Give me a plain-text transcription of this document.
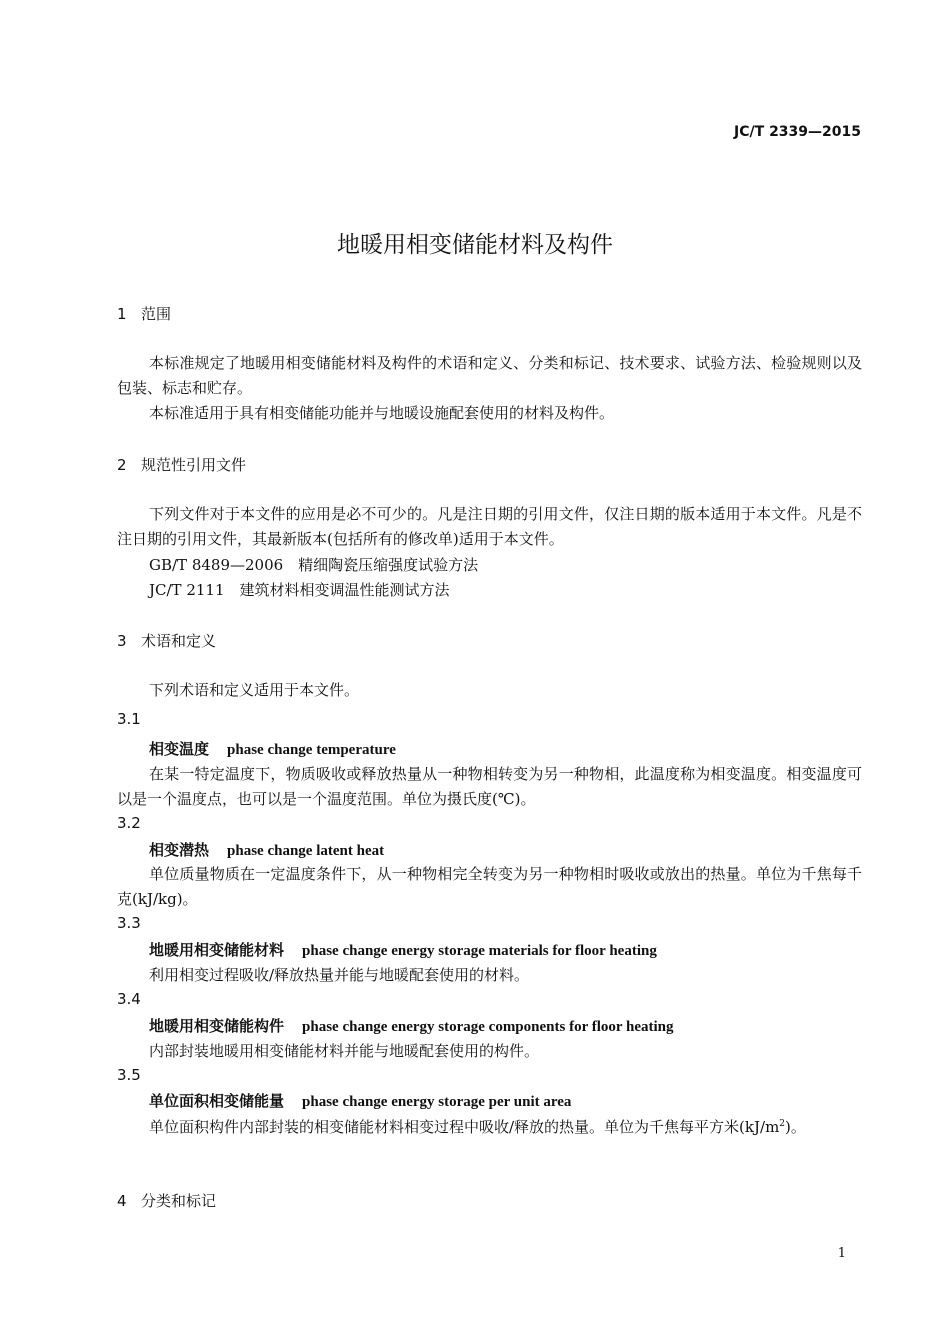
JC/T 2339—2015
地暖用相变储能材料及构件
1 范围
本标准规定了地暖用相变储能材料及构件的术语和定义、分类和标记、技术要求、试验方法、检验规则以及包装、标志和贮存。
本标准适用于具有相变储能功能并与地暖设施配套使用的材料及构件。
2 规范性引用文件
下列文件对于本文件的应用是必不可少的。凡是注日期的引用文件，仅注日期的版本适用于本文件。凡是不注日期的引用文件，其最新版本(包括所有的修改单)适用于本文件。
GB/T 8489—2006　精细陶瓷压缩强度试验方法
JC/T 2111　建筑材料相变调温性能测试方法
3 术语和定义
下列术语和定义适用于本文件。
3.1
相变温度 phase change temperature
在某一特定温度下，物质吸收或释放热量从一种物相转变为另一种物相，此温度称为相变温度。相变温度可以是一个温度点，也可以是一个温度范围。单位为摄氏度(℃)。
3.2
相变潜热 phase change latent heat
单位质量物质在一定温度条件下，从一种物相完全转变为另一种物相时吸收或放出的热量。单位为千焦每千克(kJ/kg)。
3.3
地暖用相变储能材料 phase change energy storage materials for floor heating
利用相变过程吸收/释放热量并能与地暖配套使用的材料。
3.4
地暖用相变储能构件 phase change energy storage components for floor heating
内部封装地暖用相变储能材料并能与地暖配套使用的构件。
3.5
单位面积相变储能量 phase change energy storage per unit area
单位面积构件内部封装的相变储能材料相变过程中吸收/释放的热量。单位为千焦每平方米$(kJ/m^2)$。
4 分类和标记
1
